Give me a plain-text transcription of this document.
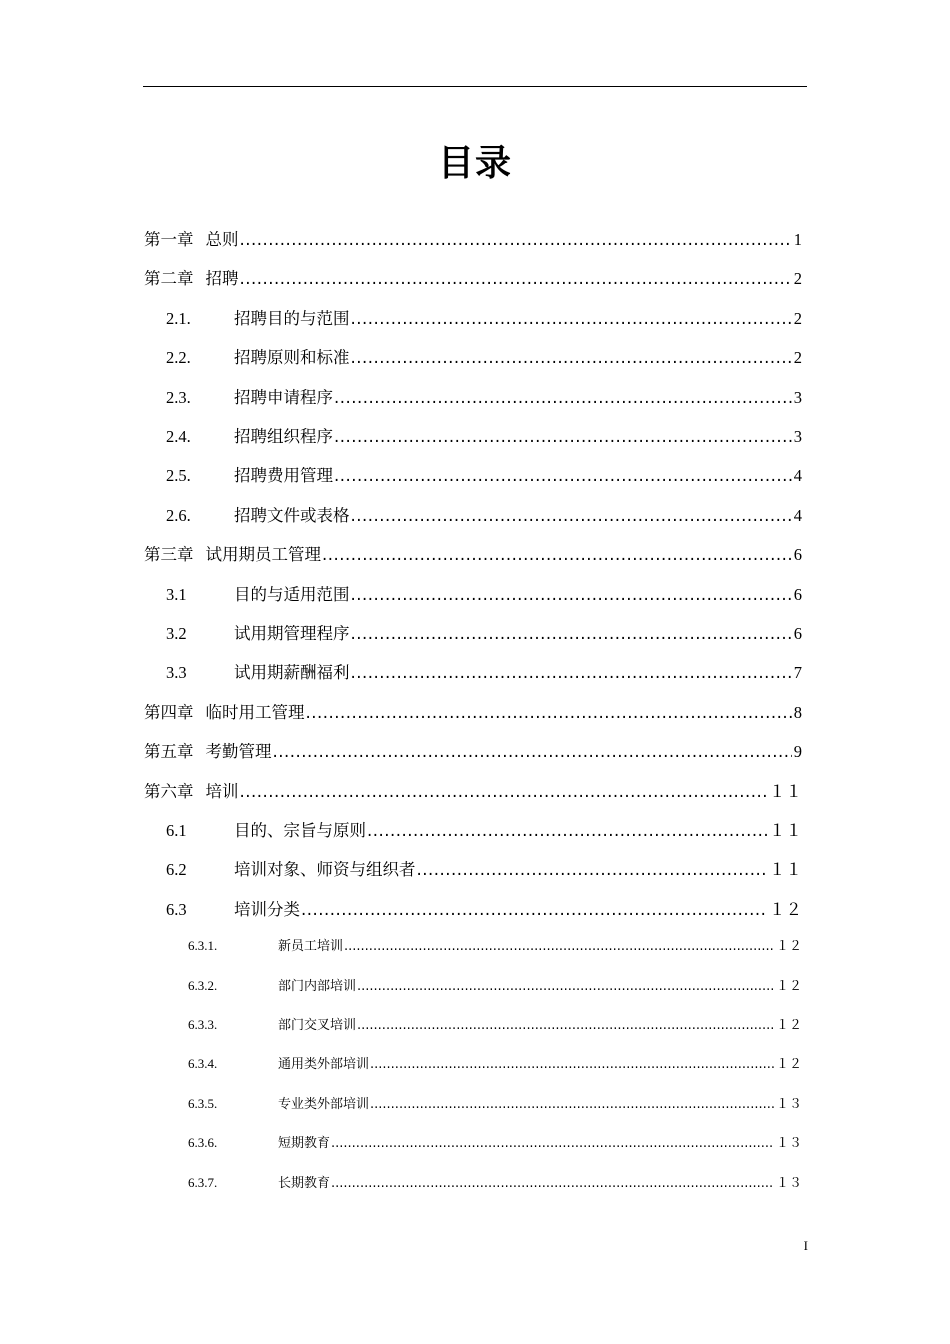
目录
第一章 总则 .....	1
第二章 招聘 .....	2
2.1.	招聘目的与范围 .....	2
2.2.	招聘原则和标准 .....	2
2.3.	招聘申请程序 .....	3
2.4.	招聘组织程序 .....	3
2.5.	招聘费用管理 .....	4
2.6.	招聘文件或表格 .....	4
第三章 试用期员工管理 .....	6
3.1	目的与适用范围 .....	6
3.2	试用期管理程序 .....	6
3.3	试用期薪酬福利 .....	7
第四章 临时用工管理 .....	8
第五章 考勤管理 .....	9
第六章 培训 .....	１１
6.1	目的、宗旨与原则 .....	１１
6.2	培训对象、师资与组织者 .....	１１
6.3	培训分类 .....	１２
6.3.1.	新员工培训 .....	１２
6.3.2.	部门内部培训 .....	１２
6.3.3.	部门交叉培训 .....	１２
6.3.4.	通用类外部培训 .....	１２
6.3.5.	专业类外部培训 .....	１３
6.3.6.	短期教育 .....	１３
6.3.7.	长期教育 .....	１３
I
